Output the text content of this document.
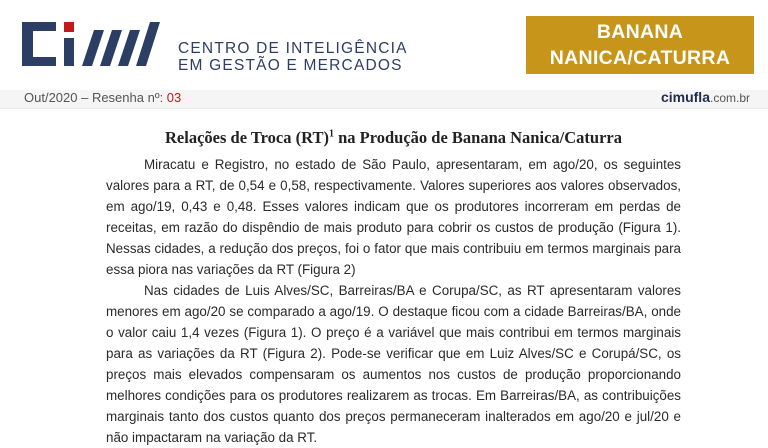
CENTRO DE INTELIGÊNCIA
EM GESTÃO E MERCADOS
BANANA
NANICA/CATURRA
Out/2020 – Resenha nº: 03	cimufla.com.br
Relações de Troca (RT)$^1$ na Produção de Banana Nanica/Caturra

Miracatu e Registro, no estado de São Paulo, apresentaram, em ago/20, os seguintes valores para a RT, de 0,54 e 0,58, respectivamente. Valores superiores aos valores observados, em ago/19, 0,43 e 0,48. Esses valores indicam que os produtores incorreram em perdas de receitas, em razão do dispêndio de mais produto para cobrir os custos de produção (Figura 1). Nessas cidades, a redução dos preços, foi o fator que mais contribuiu em termos marginais para essa piora nas variações da RT (Figura 2)

Nas cidades de Luis Alves/SC, Barreiras/BA e Corupa/SC, as RT apresentaram valores menores em ago/20 se comparado a ago/19. O destaque ficou com a cidade Barreiras/BA, onde o valor caiu 1,4 vezes (Figura 1). O preço é a variável que mais contribui em termos marginais para as variações da RT (Figura 2). Pode-se verificar que em Luiz Alves/SC e Corupá/SC, os preços mais elevados compensaram os aumentos nos custos de produção proporcionando melhores condições para os produtores realizarem as trocas. Em Barreiras/BA, as contribuições marginais tanto dos custos quanto dos preços permaneceram inalterados em ago/20 e jul/20 e não impactaram na variação da RT.
